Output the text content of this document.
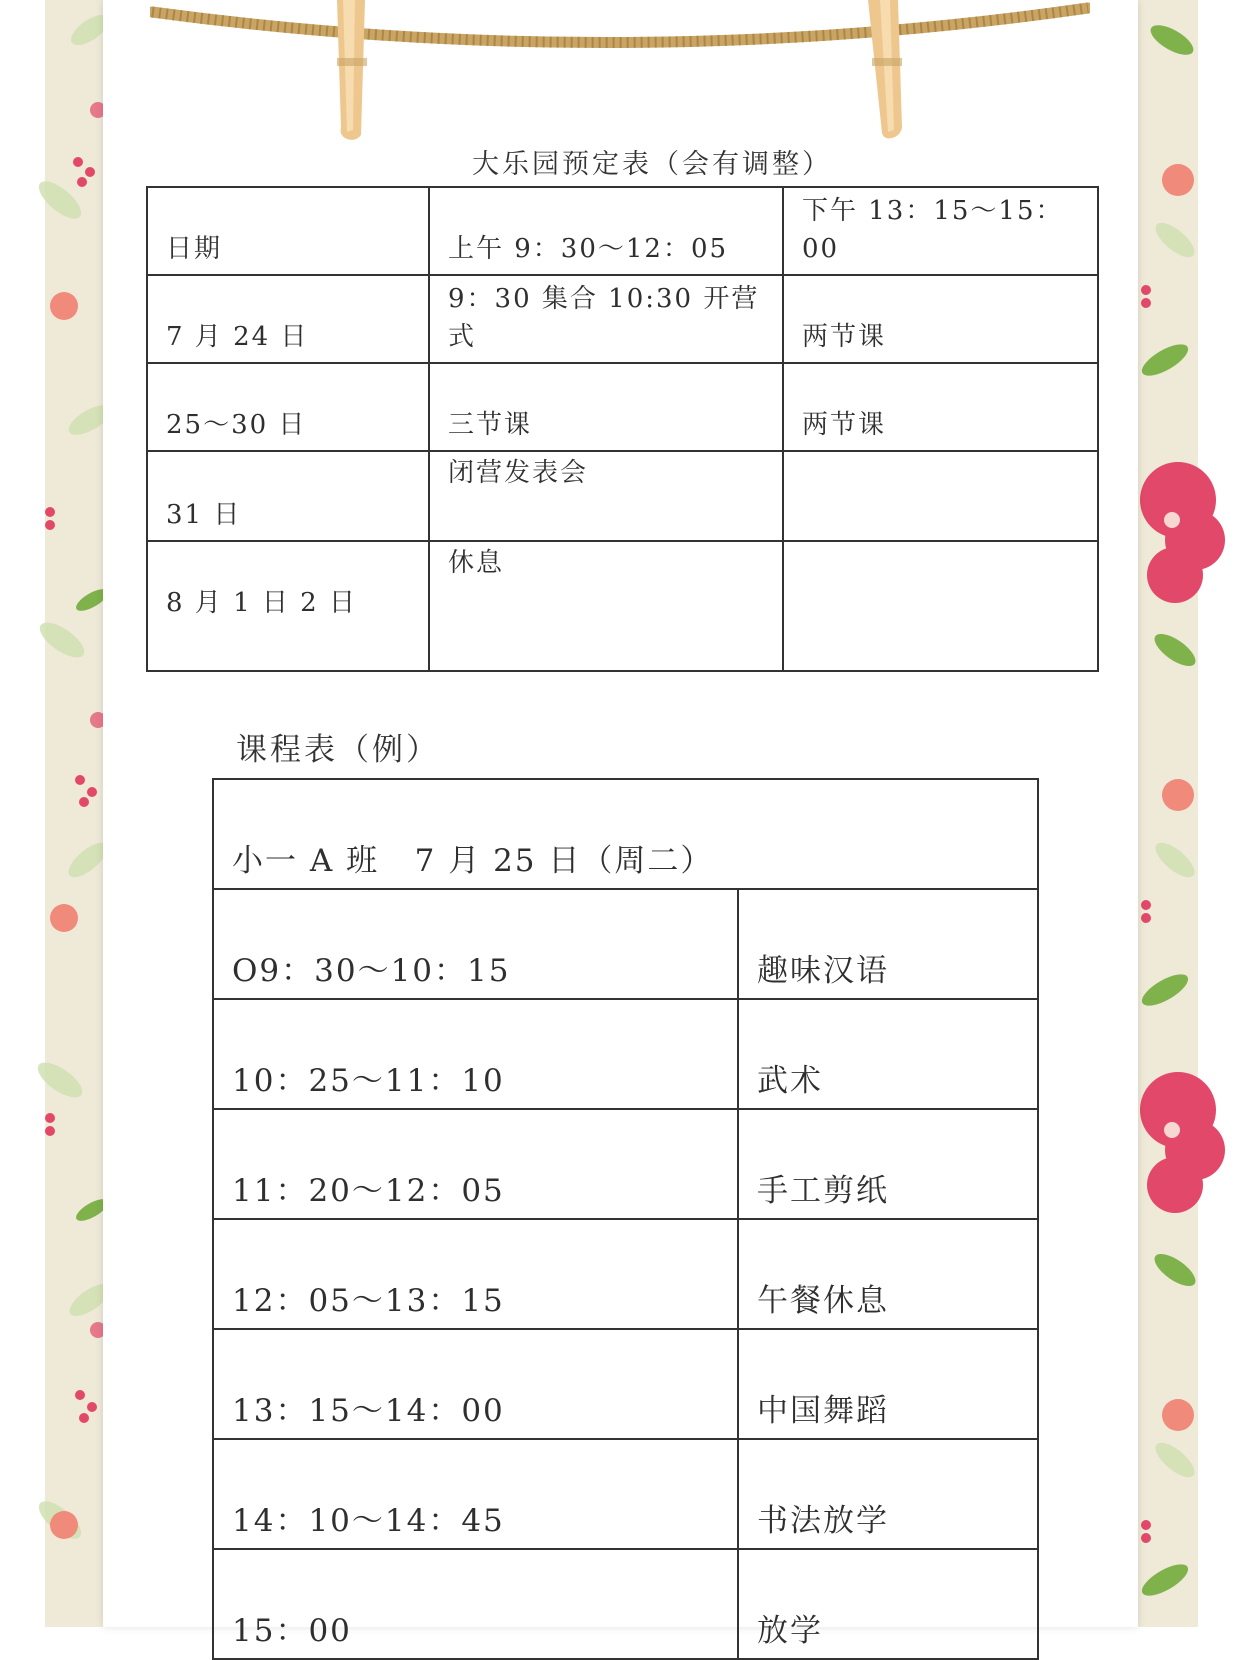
大乐园预定表（会有调整）
日期	上午 9：30～12：05	下午 13：15～15：00
7 月 24 日	9：30 集合 10:30 开营式	两节课
25～30 日	三节课	两节课
31 日	闭营发表会	
8 月 1 日 2 日	休息	
课程表（例）
小一 A 班   7 月 25 日（周二）	
O9：30～10：15	趣味汉语
10：25～11：10	武术
11：20～12：05	手工剪纸
12：05～13：15	午餐休息
13：15～14：00	中国舞蹈
14：10～14：45	书法放学
15：00	放学
